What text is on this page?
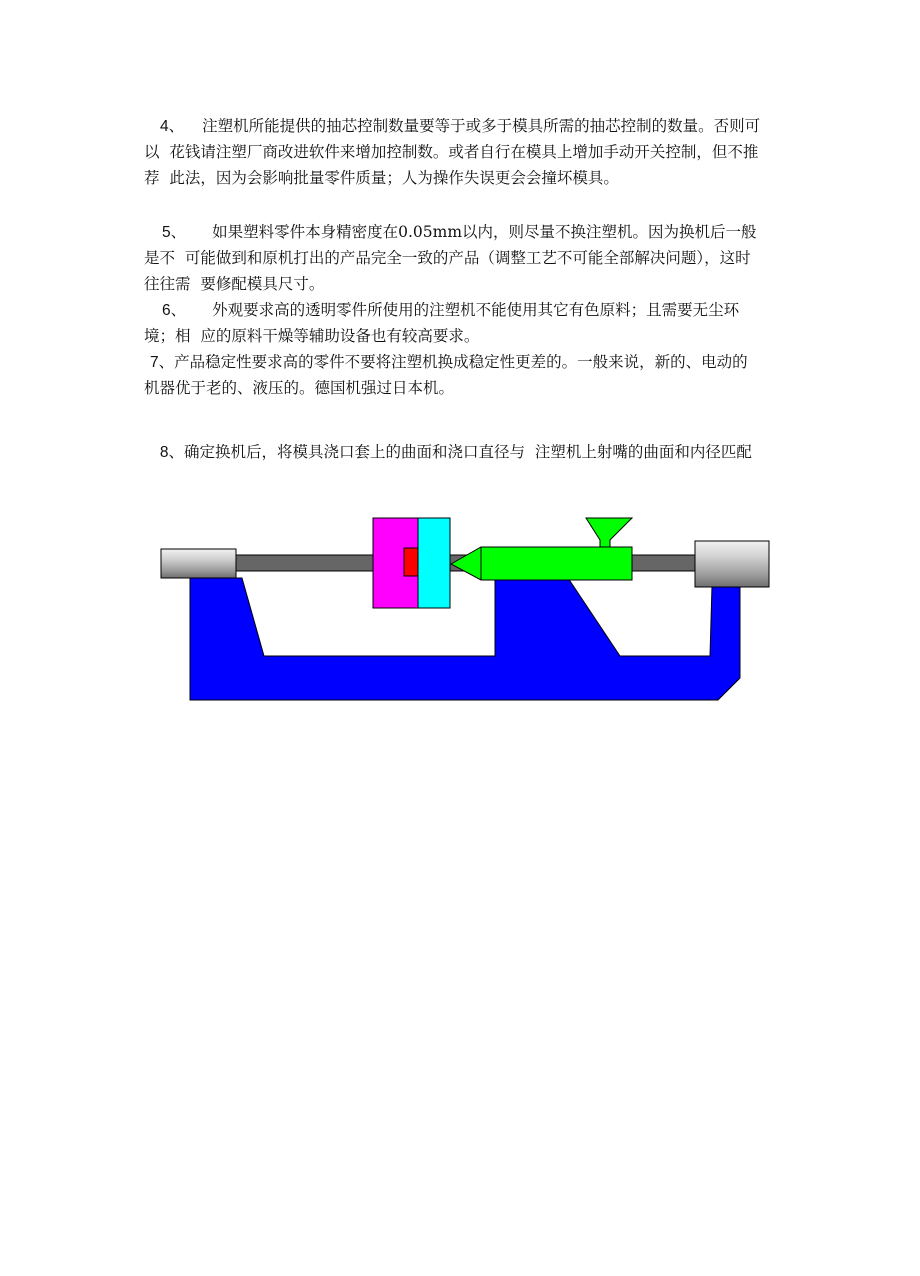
4、 注塑机所能提供的抽芯控制数量要等于或多于模具所需的抽芯控制的数量。否则可
以  花钱请注塑厂商改进软件来增加控制数。或者自行在模具上增加手动开关控制，但不推
荐  此法，因为会影响批量零件质量；人为操作失误更会会撞坏模具。
5、 如果塑料零件本身精密度在0.05mm以内，则尽量不换注塑机。因为换机后一般
是不  可能做到和原机打出的产品完全一致的产品（调整工艺不可能全部解决问题），这时
往往需  要修配模具尺寸。
6、 外观要求高的透明零件所使用的注塑机不能使用其它有色原料；且需要无尘环
境；相  应的原料干燥等辅助设备也有较高要求。
7、产品稳定性要求高的零件不要将注塑机换成稳定性更差的。一般来说，新的、电动的
机器优于老的、液压的。德国机强过日本机。

8、确定换机后，将模具浇口套上的曲面和浇口直径与  注塑机上射嘴的曲面和内径匹配
